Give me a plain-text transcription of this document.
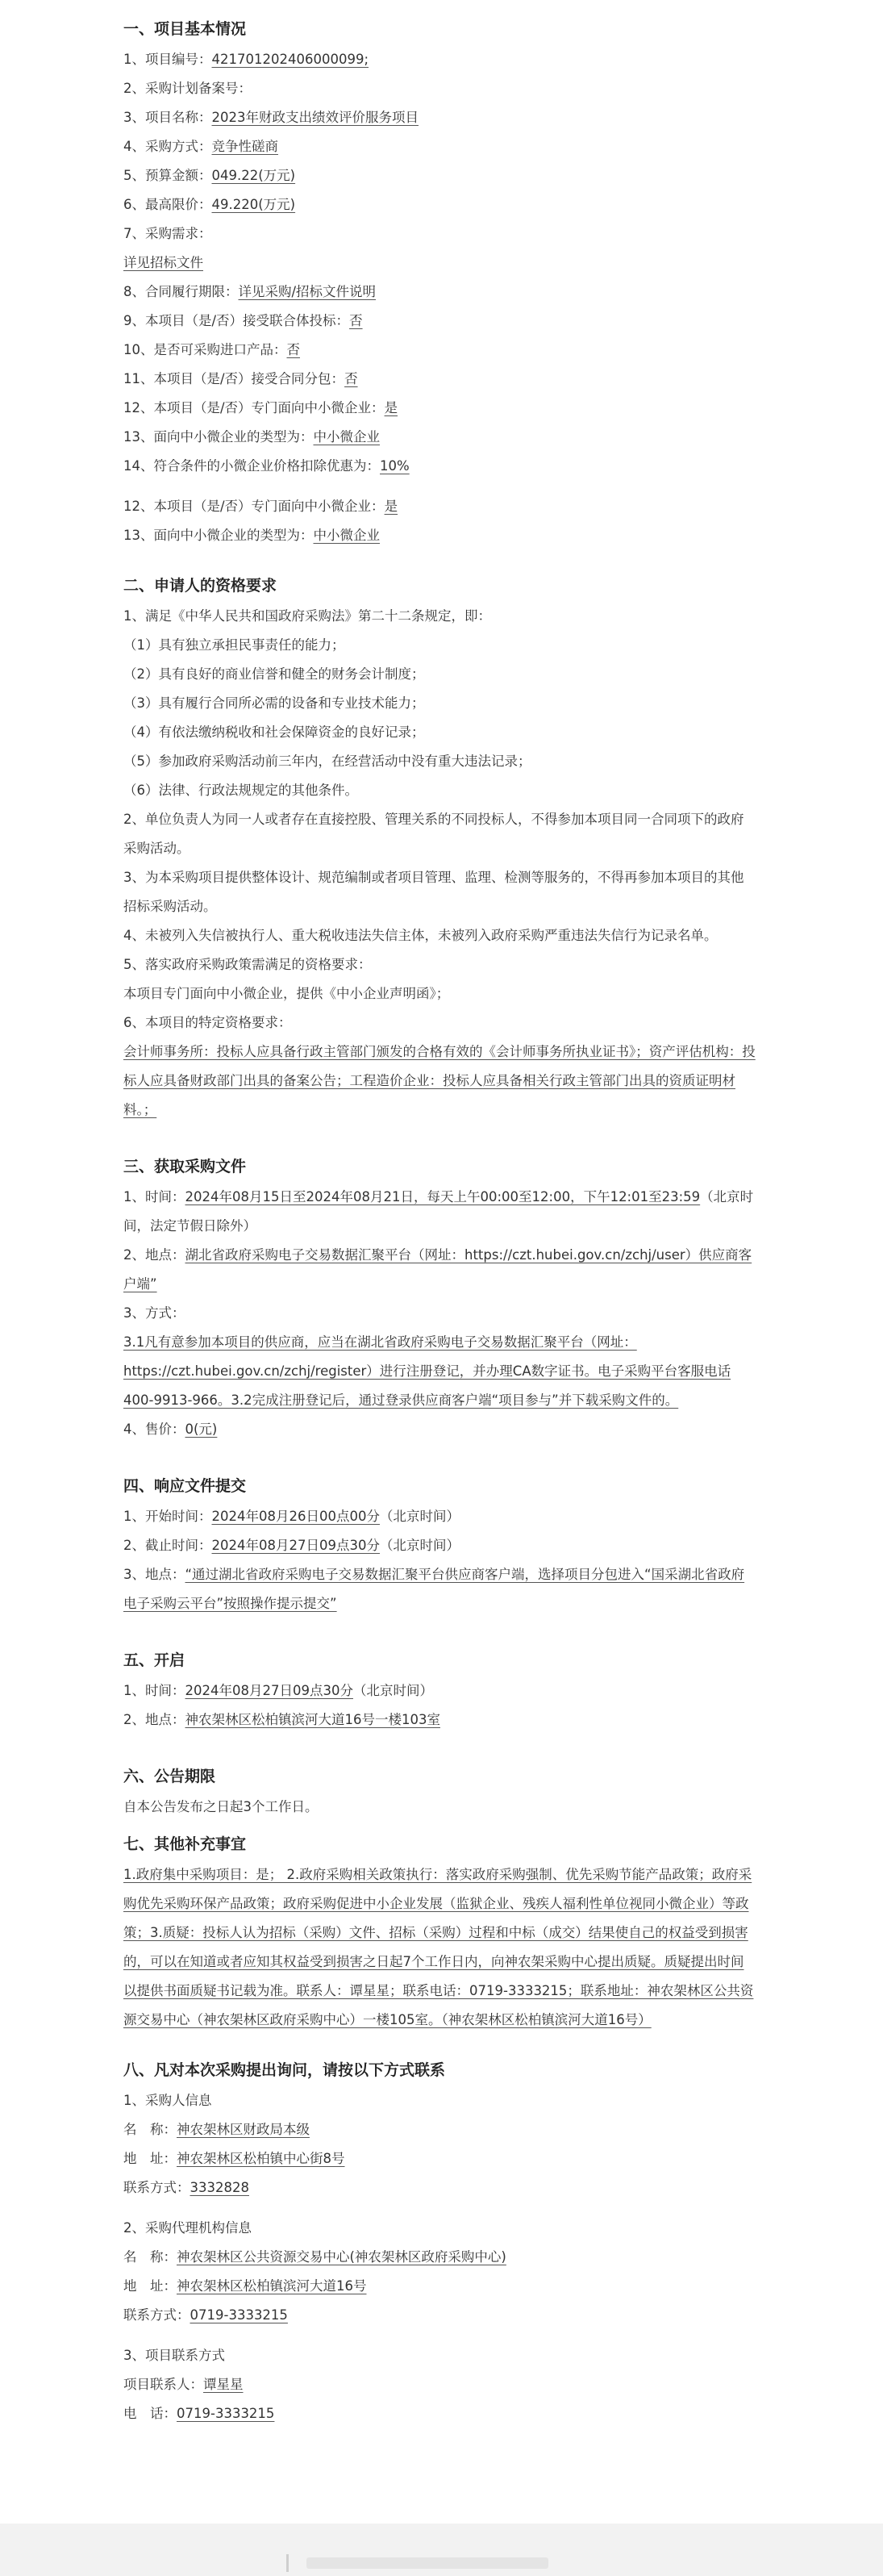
一、项目基本情况
1、项目编号：421701202406000099;
2、采购计划备案号：
3、项目名称：2023年财政支出绩效评价服务项目
4、采购方式：竞争性磋商
5、预算金额：049.22(万元)
6、最高限价：49.220(万元)
7、采购需求：
详见招标文件
8、合同履行期限：详见采购/招标文件说明
9、本项目（是/否）接受联合体投标：否
10、是否可采购进口产品：否
11、本项目（是/否）接受合同分包：否
12、本项目（是/否）专门面向中小微企业：是
13、面向中小微企业的类型为：中小微企业
14、符合条件的小微企业价格扣除优惠为：10%
12、本项目（是/否）专门面向中小微企业：是
13、面向中小微企业的类型为：中小微企业
二、申请人的资格要求
1、满足《中华人民共和国政府采购法》第二十二条规定，即：
（1）具有独立承担民事责任的能力；
（2）具有良好的商业信誉和健全的财务会计制度；
（3）具有履行合同所必需的设备和专业技术能力；
（4）有依法缴纳税收和社会保障资金的良好记录；
（5）参加政府采购活动前三年内，在经营活动中没有重大违法记录；
（6）法律、行政法规规定的其他条件。
2、单位负责人为同一人或者存在直接控股、管理关系的不同投标人，不得参加本项目同一合同项下的政府采购活动。
3、为本采购项目提供整体设计、规范编制或者项目管理、监理、检测等服务的，不得再参加本项目的其他招标采购活动。
4、未被列入失信被执行人、重大税收违法失信主体，未被列入政府采购严重违法失信行为记录名单。
5、落实政府采购政策需满足的资格要求：
本项目专门面向中小微企业，提供《中小企业声明函》；
6、本项目的特定资格要求：
会计师事务所：投标人应具备行政主管部门颁发的合格有效的《会计师事务所执业证书》；资产评估机构：投标人应具备财政部门出具的备案公告；工程造价企业：投标人应具备相关行政主管部门出具的资质证明材料。；
三、获取采购文件
1、时间：2024年08月15日至2024年08月21日，每天上午00:00至12:00，下午12:01至23:59（北京时间，法定节假日除外）
2、地点：湖北省政府采购电子交易数据汇聚平台（网址：https://czt.hubei.gov.cn/zchj/user）供应商客户端”
3、方式：
3.1凡有意参加本项目的供应商，应当在湖北省政府采购电子交易数据汇聚平台（网址：https://czt.hubei.gov.cn/zchj/register）进行注册登记，并办理CA数字证书。电子采购平台客服电话400-9913-966。3.2完成注册登记后，通过登录供应商客户端“项目参与”并下载采购文件的。
4、售价：0(元)
四、响应文件提交
1、开始时间：2024年08月26日00点00分（北京时间）
2、截止时间：2024年08月27日09点30分（北京时间）
3、地点：“通过湖北省政府采购电子交易数据汇聚平台供应商客户端，选择项目分包进入“国采湖北省政府电子采购云平台”按照操作提示提交”
五、开启
1、时间：2024年08月27日09点30分（北京时间）
2、地点：神农架林区松柏镇滨河大道16号一楼103室
六、公告期限
自本公告发布之日起3个工作日。
七、其他补充事宜
1.政府集中采购项目：是； 2.政府采购相关政策执行：落实政府采购强制、优先采购节能产品政策；政府采购优先采购环保产品政策；政府采购促进中小企业发展（监狱企业、残疾人福利性单位视同小微企业）等政策；3.质疑：投标人认为招标（采购）文件、招标（采购）过程和中标（成交）结果使自己的权益受到损害的，可以在知道或者应知其权益受到损害之日起7个工作日内，向神农架采购中心提出质疑。质疑提出时间以提供书面质疑书记载为准。联系人：谭星星；联系电话：0719-3333215；联系地址：神农架林区公共资源交易中心（神农架林区政府采购中心）一楼105室。（神农架林区松柏镇滨河大道16号）
八、凡对本次采购提出询问，请按以下方式联系
1、采购人信息
名　称：神农架林区财政局本级
地　址：神农架林区松柏镇中心街8号
联系方式：3332828
2、采购代理机构信息
名　称：神农架林区公共资源交易中心(神农架林区政府采购中心)
地　址：神农架林区松柏镇滨河大道16号
联系方式：0719-3333215
3、项目联系方式
项目联系人：谭星星
电　话：0719-3333215
